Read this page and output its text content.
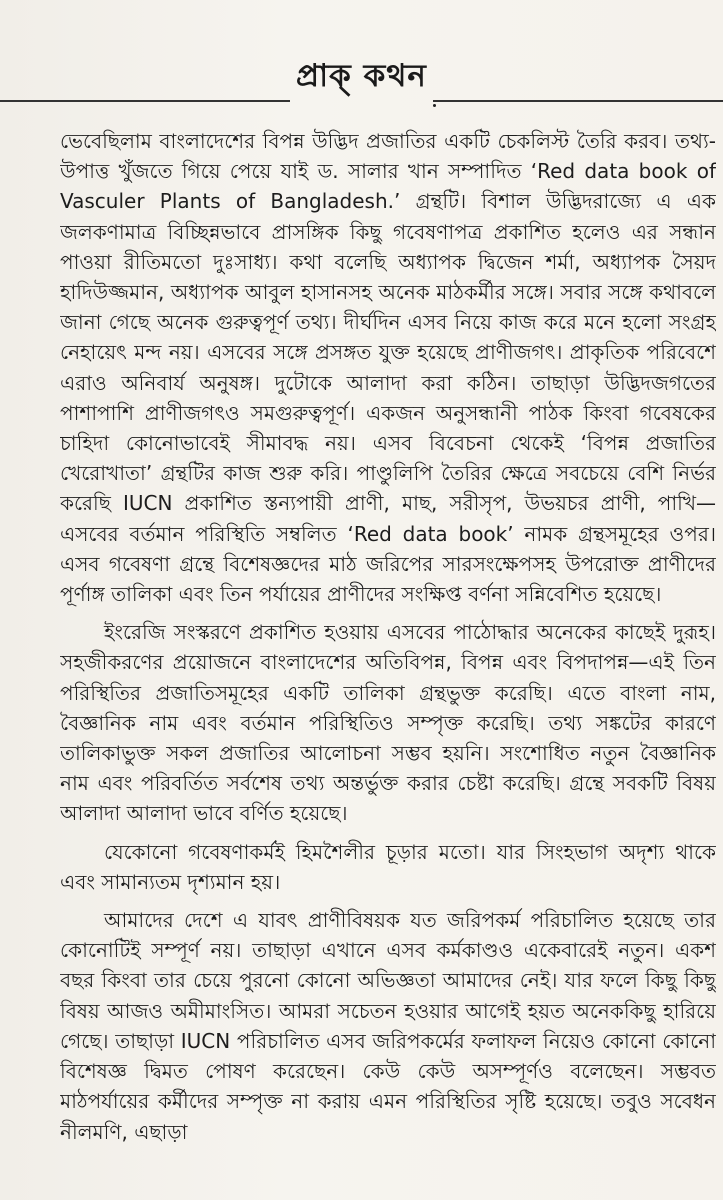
প্রাক্ কথন

ভেবেছিলাম বাংলাদেশের বিপন্ন উদ্ভিদ প্রজাতির একটি চেকলিস্ট তৈরি করব। তথ্য-উপাত্ত খুঁজতে গিয়ে পেয়ে যাই ড. সালার খান সম্পাদিত ‘Red data book of Vasculer Plants of Bangladesh.’ গ্রন্থটি। বিশাল উদ্ভিদরাজ্যে এ এক জলকণামাত্র বিচ্ছিন্নভাবে প্রাসঙ্গিক কিছু গবেষণাপত্র প্রকাশিত হলেও এর সন্ধান পাওয়া রীতিমতো দুঃসাধ্য। কথা বলেছি অধ্যাপক দ্বিজেন শর্মা, অধ্যাপক সৈয়দ হাদিউজ্জমান, অধ্যাপক আবুল হাসানসহ অনেক মাঠকর্মীর সঙ্গে। সবার সঙ্গে কথাবলে জানা গেছে অনেক গুরুত্বপূর্ণ তথ্য। দীর্ঘদিন এসব নিয়ে কাজ করে মনে হলো সংগ্রহ নেহায়েৎ মন্দ নয়। এসবের সঙ্গে প্রসঙ্গত যুক্ত হয়েছে প্রাণীজগৎ। প্রাকৃতিক পরিবেশে এরাও অনিবার্য অনুষঙ্গ। দুটোকে আলাদা করা কঠিন। তাছাড়া উদ্ভিদজগতের পাশাপাশি প্রাণীজগৎও সমগুরুত্বপূর্ণ। একজন অনুসন্ধানী পাঠক কিংবা গবেষকের চাহিদা কোনোভাবেই সীমাবদ্ধ নয়। এসব বিবেচনা থেকেই ‘বিপন্ন প্রজাতির খেরোখাতা’ গ্রন্থটির কাজ শুরু করি। পাণ্ডুলিপি তৈরির ক্ষেত্রে সবচেয়ে বেশি নির্ভর করেছি IUCN প্রকাশিত স্তন্যপায়ী প্রাণী, মাছ, সরীসৃপ, উভয়চর প্রাণী, পাখি—এসবের বর্তমান পরিস্থিতি সম্বলিত ‘Red data book’ নামক গ্রন্থসমূহের ওপর। এসব গবেষণা গ্রন্থে বিশেষজ্ঞদের মাঠ জরিপের সারসংক্ষেপসহ উপরোক্ত প্রাণীদের পূর্ণাঙ্গ তালিকা এবং তিন পর্যায়ের প্রাণীদের সংক্ষিপ্ত বর্ণনা সন্নিবেশিত হয়েছে।

ইংরেজি সংস্করণে প্রকাশিত হওয়ায় এসবের পাঠোদ্ধার অনেকের কাছেই দুরূহ। সহজীকরণের প্রয়োজনে বাংলাদেশের অতিবিপন্ন, বিপন্ন এবং বিপদাপন্ন—এই তিন পরিস্থিতির প্রজাতিসমূহের একটি তালিকা গ্রন্থভুক্ত করেছি। এতে বাংলা নাম, বৈজ্ঞানিক নাম এবং বর্তমান পরিস্থিতিও সম্পৃক্ত করেছি। তথ্য সঙ্কটের কারণে তালিকাভুক্ত সকল প্রজাতির আলোচনা সম্ভব হয়নি। সংশোধিত নতুন বৈজ্ঞানিক নাম এবং পরিবর্তিত সর্বশেষ তথ্য অন্তর্ভুক্ত করার চেষ্টা করেছি। গ্রন্থে সবকটি বিষয় আলাদা আলাদা ভাবে বর্ণিত হয়েছে।

যেকোনো গবেষণাকর্মই হিমশৈলীর চূড়ার মতো। যার সিংহভাগ অদৃশ্য থাকে এবং সামান্যতম দৃশ্যমান হয়।

আমাদের দেশে এ যাবৎ প্রাণীবিষয়ক যত জরিপকর্ম পরিচালিত হয়েছে তার কোনোটিই সম্পূর্ণ নয়। তাছাড়া এখানে এসব কর্মকাণ্ডও একেবারেই নতুন। একশ বছর কিংবা তার চেয়ে পুরনো কোনো অভিজ্ঞতা আমাদের নেই। যার ফলে কিছু কিছু বিষয় আজও অমীমাংসিত। আমরা সচেতন হওয়ার আগেই হয়ত অনেককিছু হারিয়ে গেছে। তাছাড়া IUCN পরিচালিত এসব জরিপকর্মের ফলাফল নিয়েও কোনো কোনো বিশেষজ্ঞ দ্বিমত পোষণ করেছেন। কেউ কেউ অসম্পূর্ণও বলেছেন। সম্ভবত মাঠপর্যায়ের কর্মীদের সম্পৃক্ত না করায় এমন পরিস্থিতির সৃষ্টি হয়েছে। তবুও সবেধন নীলমণি, এছাড়া
